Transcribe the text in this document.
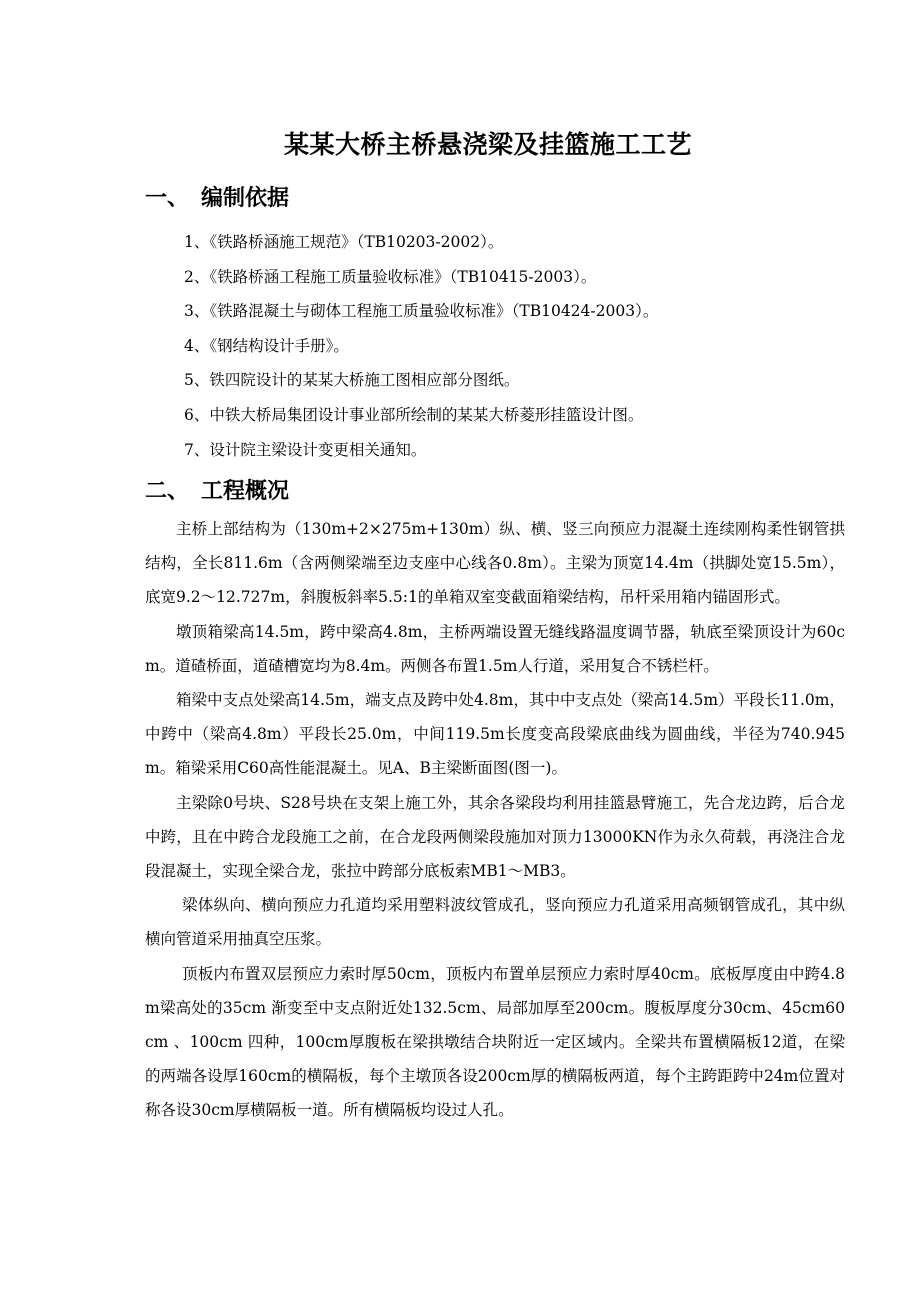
某某大桥主桥悬浇梁及挂篮施工工艺
一、 编制依据
1、《铁路桥涵施工规范》（TB10203-2002）。
2、《铁路桥涵工程施工质量验收标准》（TB10415-2003）。
3、《铁路混凝土与砌体工程施工质量验收标准》（TB10424-2003）。
4、《钢结构设计手册》。
5、铁四院设计的某某大桥施工图相应部分图纸。
6、中铁大桥局集团设计事业部所绘制的某某大桥菱形挂篮设计图。
7、设计院主梁设计变更相关通知。
二、 工程概况

主桥上部结构为（130m+2×275m+130m）纵、横、竖三向预应力混凝土连续刚构柔性钢管拱结构，全长811.6m（含两侧梁端至边支座中心线各0.8m）。主梁为顶宽14.4m（拱脚处宽15.5m），底宽9.2～12.727m，斜腹板斜率5.5:1的单箱双室变截面箱梁结构，吊杆采用箱内锚固形式。

墩顶箱梁高14.5m，跨中梁高4.8m，主桥两端设置无缝线路温度调节器，轨底至梁顶设计为60cm。道碴桥面，道碴槽宽均为8.4m。两侧各布置1.5m人行道，采用复合不锈栏杆。

箱梁中支点处梁高14.5m，端支点及跨中处4.8m，其中中支点处（梁高14.5m）平段长11.0m，中跨中（梁高4.8m）平段长25.0m，中间119.5m长度变高段梁底曲线为圆曲线，半径为740.945m。箱梁采用C60高性能混凝土。见A、B主梁断面图(图一)。

主梁除0号块、S28号块在支架上施工外，其余各梁段均利用挂篮悬臂施工，先合龙边跨，后合龙中跨，且在中跨合龙段施工之前，在合龙段两侧梁段施加对顶力13000KN作为永久荷载，再浇注合龙段混凝土，实现全梁合龙，张拉中跨部分底板索MB1～MB3。

梁体纵向、横向预应力孔道均采用塑料波纹管成孔，竖向预应力孔道采用高频钢管成孔，其中纵横向管道采用抽真空压浆。

顶板内布置双层预应力索时厚50cm，顶板内布置单层预应力索时厚40cm。底板厚度由中跨4.8m梁高处的35cm 渐变至中支点附近处132.5cm、局部加厚至200cm。腹板厚度分30cm、45cm60cm 、100cm 四种，100cm厚腹板在梁拱墩结合块附近一定区域内。全梁共布置横隔板12道，在梁的两端各设厚160cm的横隔板，每个主墩顶各设200cm厚的横隔板两道，每个主跨距跨中24m位置对称各设30cm厚横隔板一道。所有横隔板均设过人孔。
